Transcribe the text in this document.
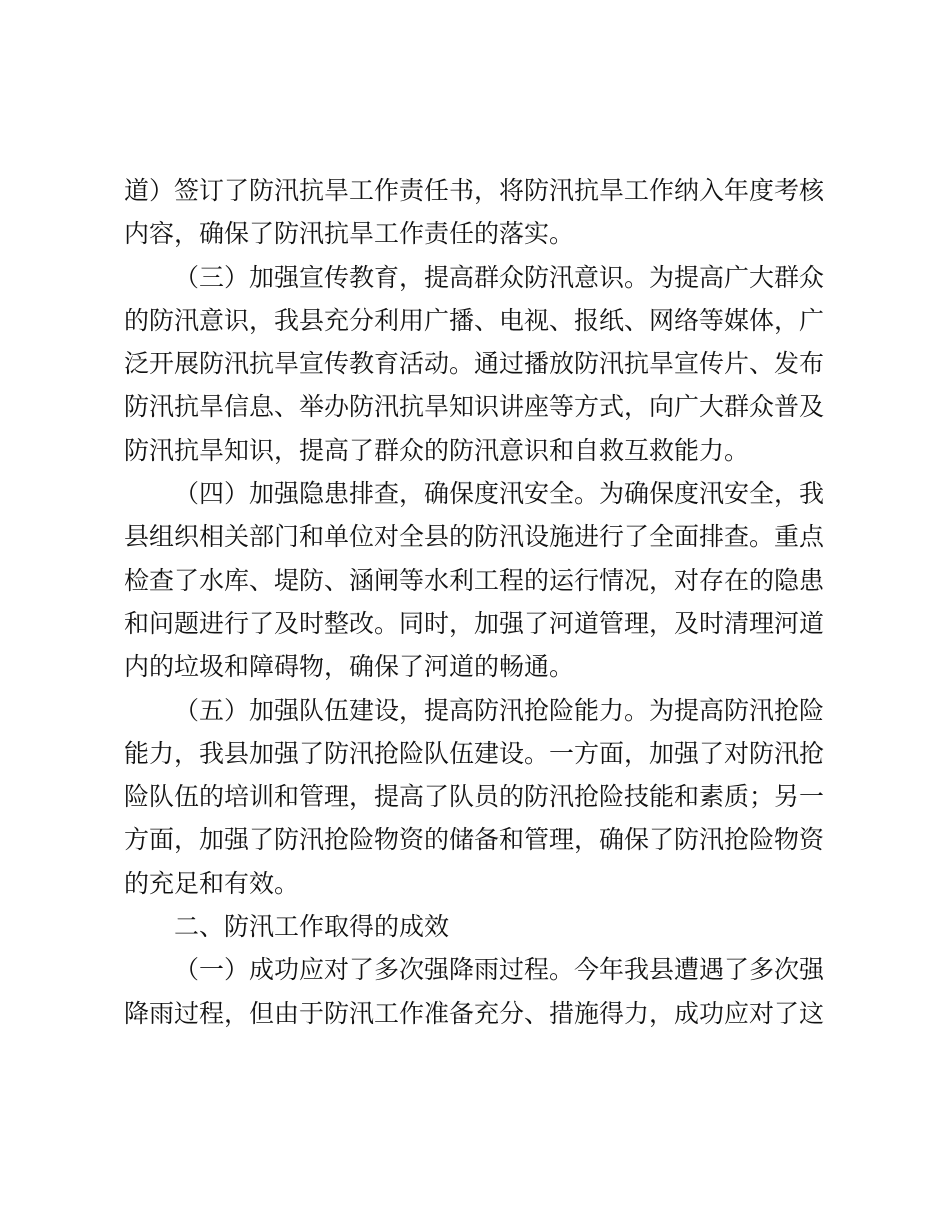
道）签订了防汛抗旱工作责任书，将防汛抗旱工作纳入年度考核内容，确保了防汛抗旱工作责任的落实。

（三）加强宣传教育，提高群众防汛意识。为提高广大群众的防汛意识，我县充分利用广播、电视、报纸、网络等媒体，广泛开展防汛抗旱宣传教育活动。通过播放防汛抗旱宣传片、发布防汛抗旱信息、举办防汛抗旱知识讲座等方式，向广大群众普及防汛抗旱知识，提高了群众的防汛意识和自救互救能力。

（四）加强隐患排查，确保度汛安全。为确保度汛安全，我县组织相关部门和单位对全县的防汛设施进行了全面排查。重点检查了水库、堤防、涵闸等水利工程的运行情况，对存在的隐患和问题进行了及时整改。同时，加强了河道管理，及时清理河道内的垃圾和障碍物，确保了河道的畅通。

（五）加强队伍建设，提高防汛抢险能力。为提高防汛抢险能力，我县加强了防汛抢险队伍建设。一方面，加强了对防汛抢险队伍的培训和管理，提高了队员的防汛抢险技能和素质；另一方面，加强了防汛抢险物资的储备和管理，确保了防汛抢险物资的充足和有效。

二、防汛工作取得的成效

（一）成功应对了多次强降雨过程。今年我县遭遇了多次强降雨过程，但由于防汛工作准备充分、措施得力，成功应对了这
